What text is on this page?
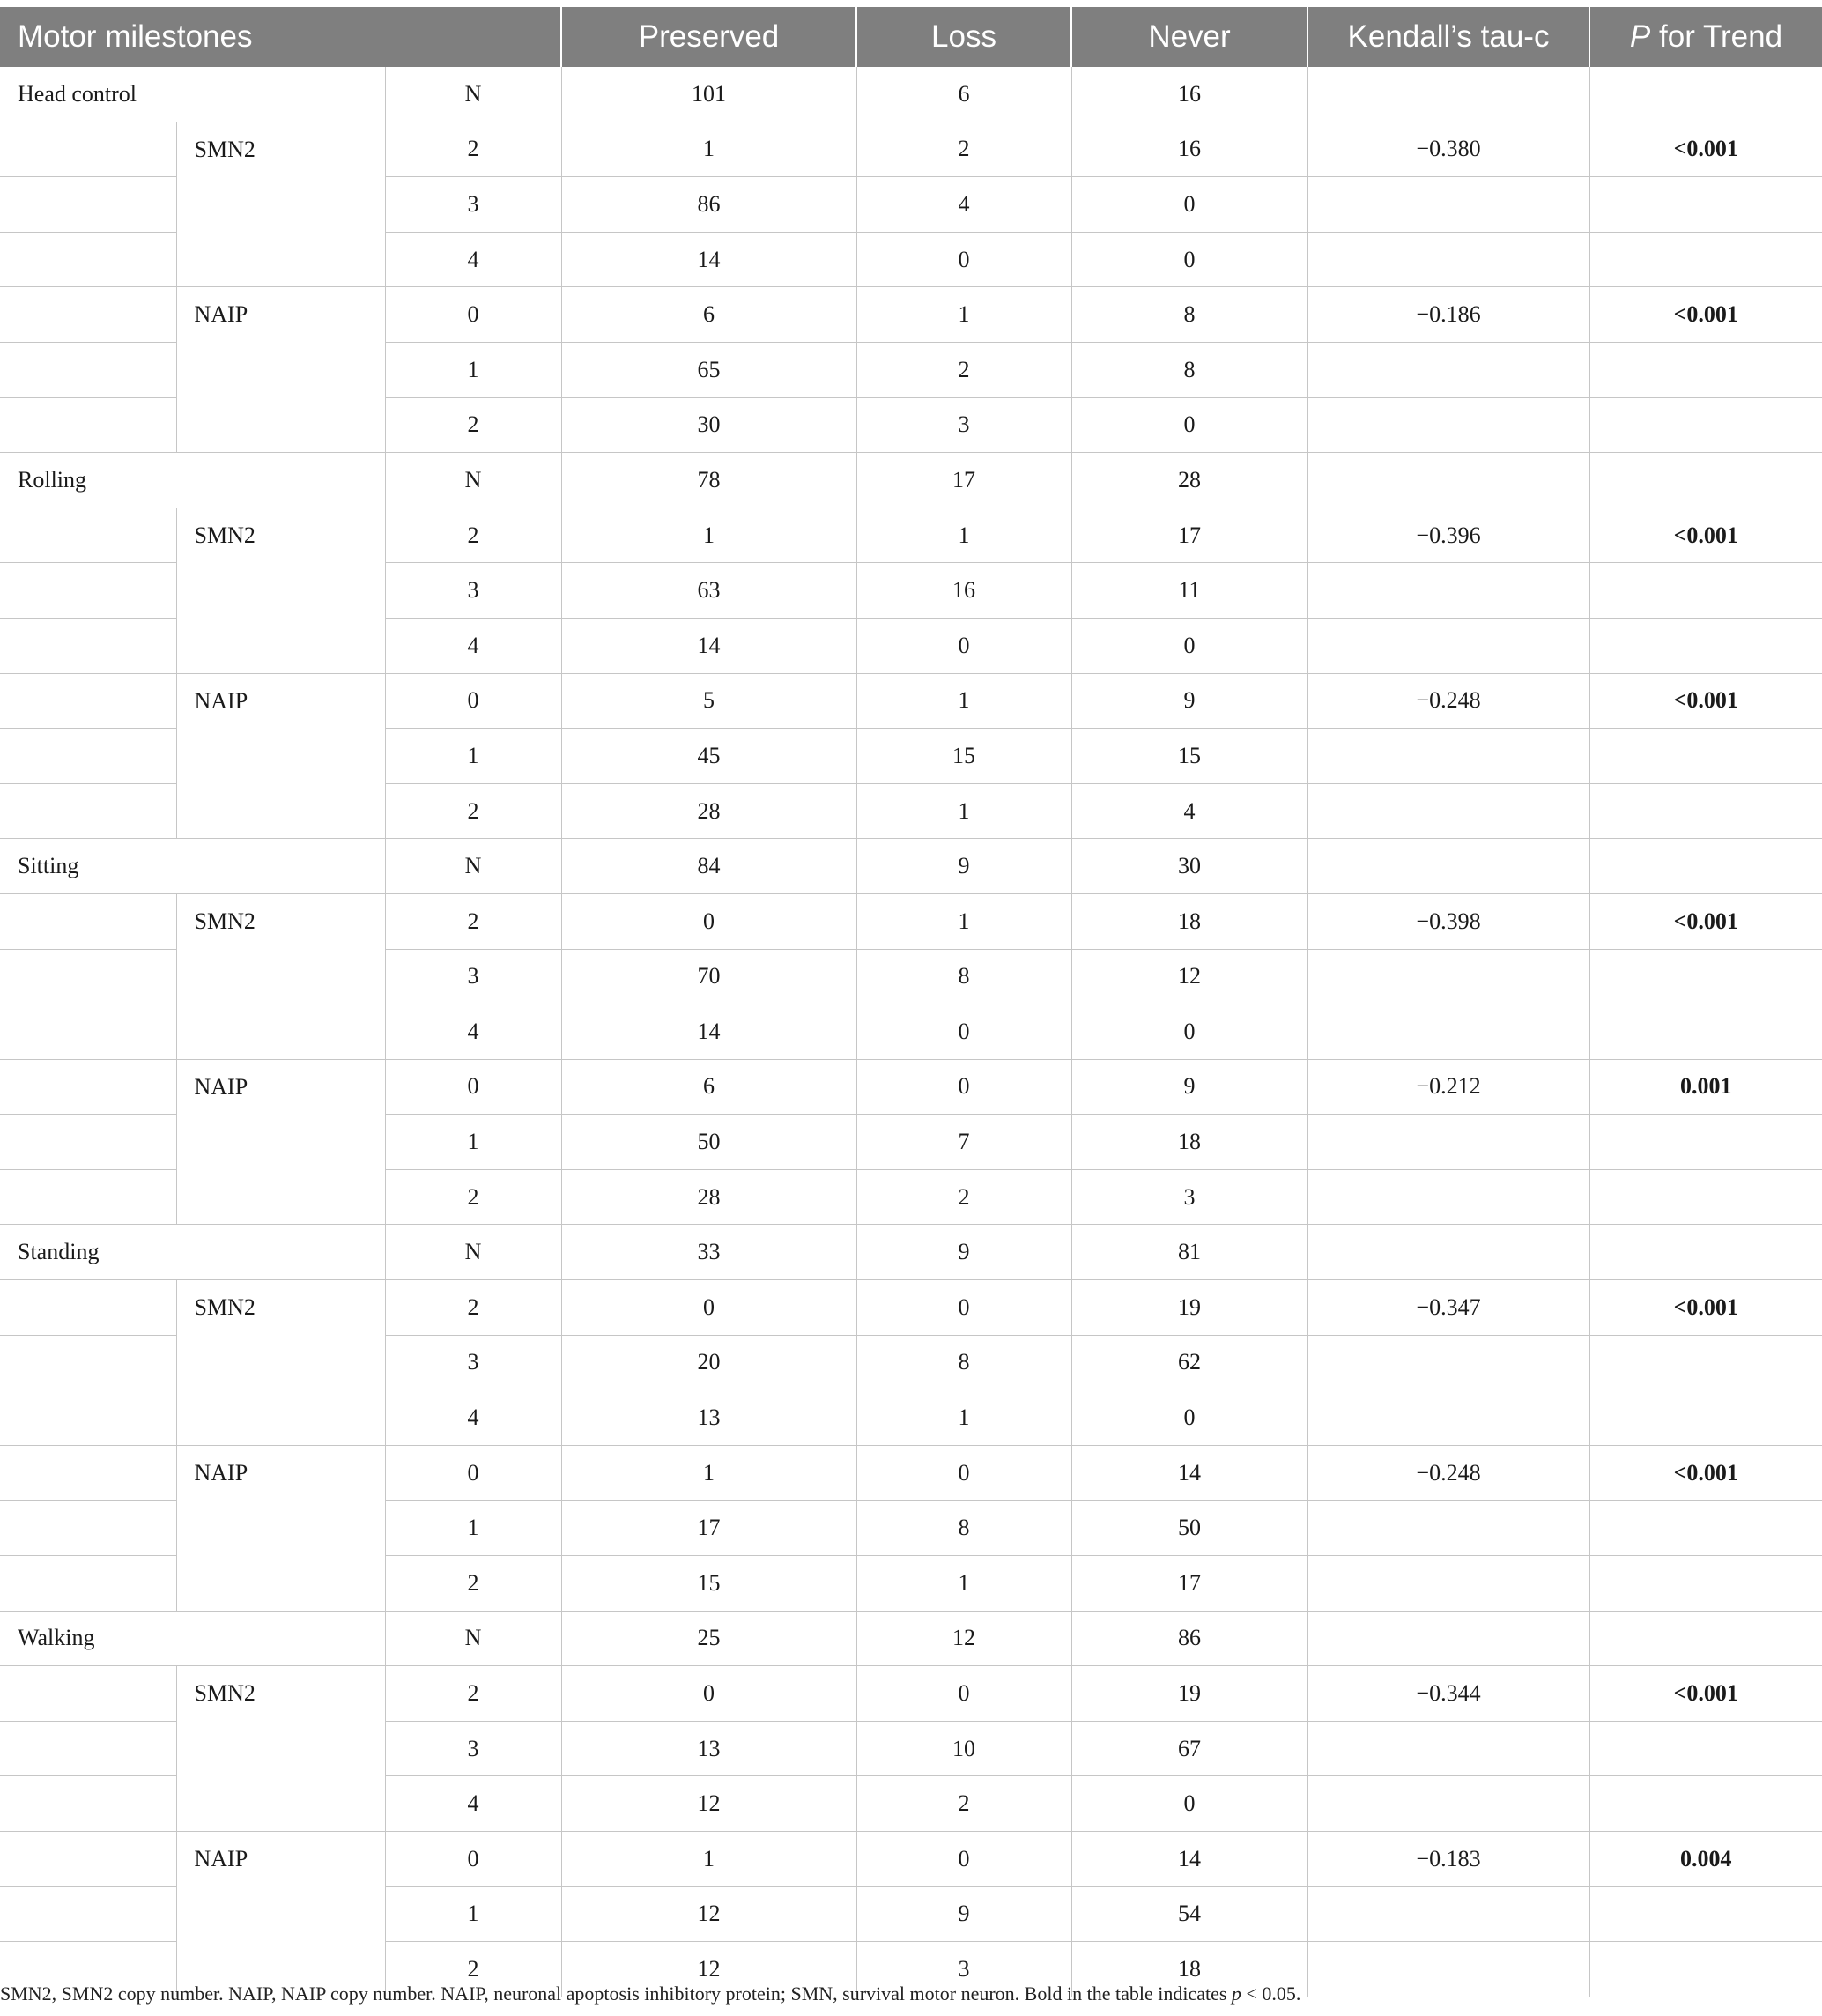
Motor milestones			Preserved	Loss	Never	Kendall’s tau-c	P for Trend
Head control		N	101	6	16		
	SMN2	2	1	2	16	−0.380	<0.001
		3	86	4	0		
		4	14	0	0		
	NAIP	0	6	1	8	−0.186	<0.001
		1	65	2	8		
		2	30	3	0		
Rolling		N	78	17	28		
	SMN2	2	1	1	17	−0.396	<0.001
		3	63	16	11		
		4	14	0	0		
	NAIP	0	5	1	9	−0.248	<0.001
		1	45	15	15		
		2	28	1	4		
Sitting		N	84	9	30		
	SMN2	2	0	1	18	−0.398	<0.001
		3	70	8	12		
		4	14	0	0		
	NAIP	0	6	0	9	−0.212	0.001
		1	50	7	18		
		2	28	2	3		
Standing		N	33	9	81		
	SMN2	2	0	0	19	−0.347	<0.001
		3	20	8	62		
		4	13	1	0		
	NAIP	0	1	0	14	−0.248	<0.001
		1	17	8	50		
		2	15	1	17		
Walking		N	25	12	86		
	SMN2	2	0	0	19	−0.344	<0.001
		3	13	10	67		
		4	12	2	0		
	NAIP	0	1	0	14	−0.183	0.004
		1	12	9	54		
		2	12	3	18		
SMN2, SMN2 copy number. NAIP, NAIP copy number. NAIP, neuronal apoptosis inhibitory protein; SMN, survival motor neuron. Bold in the table indicates p < 0.05.
